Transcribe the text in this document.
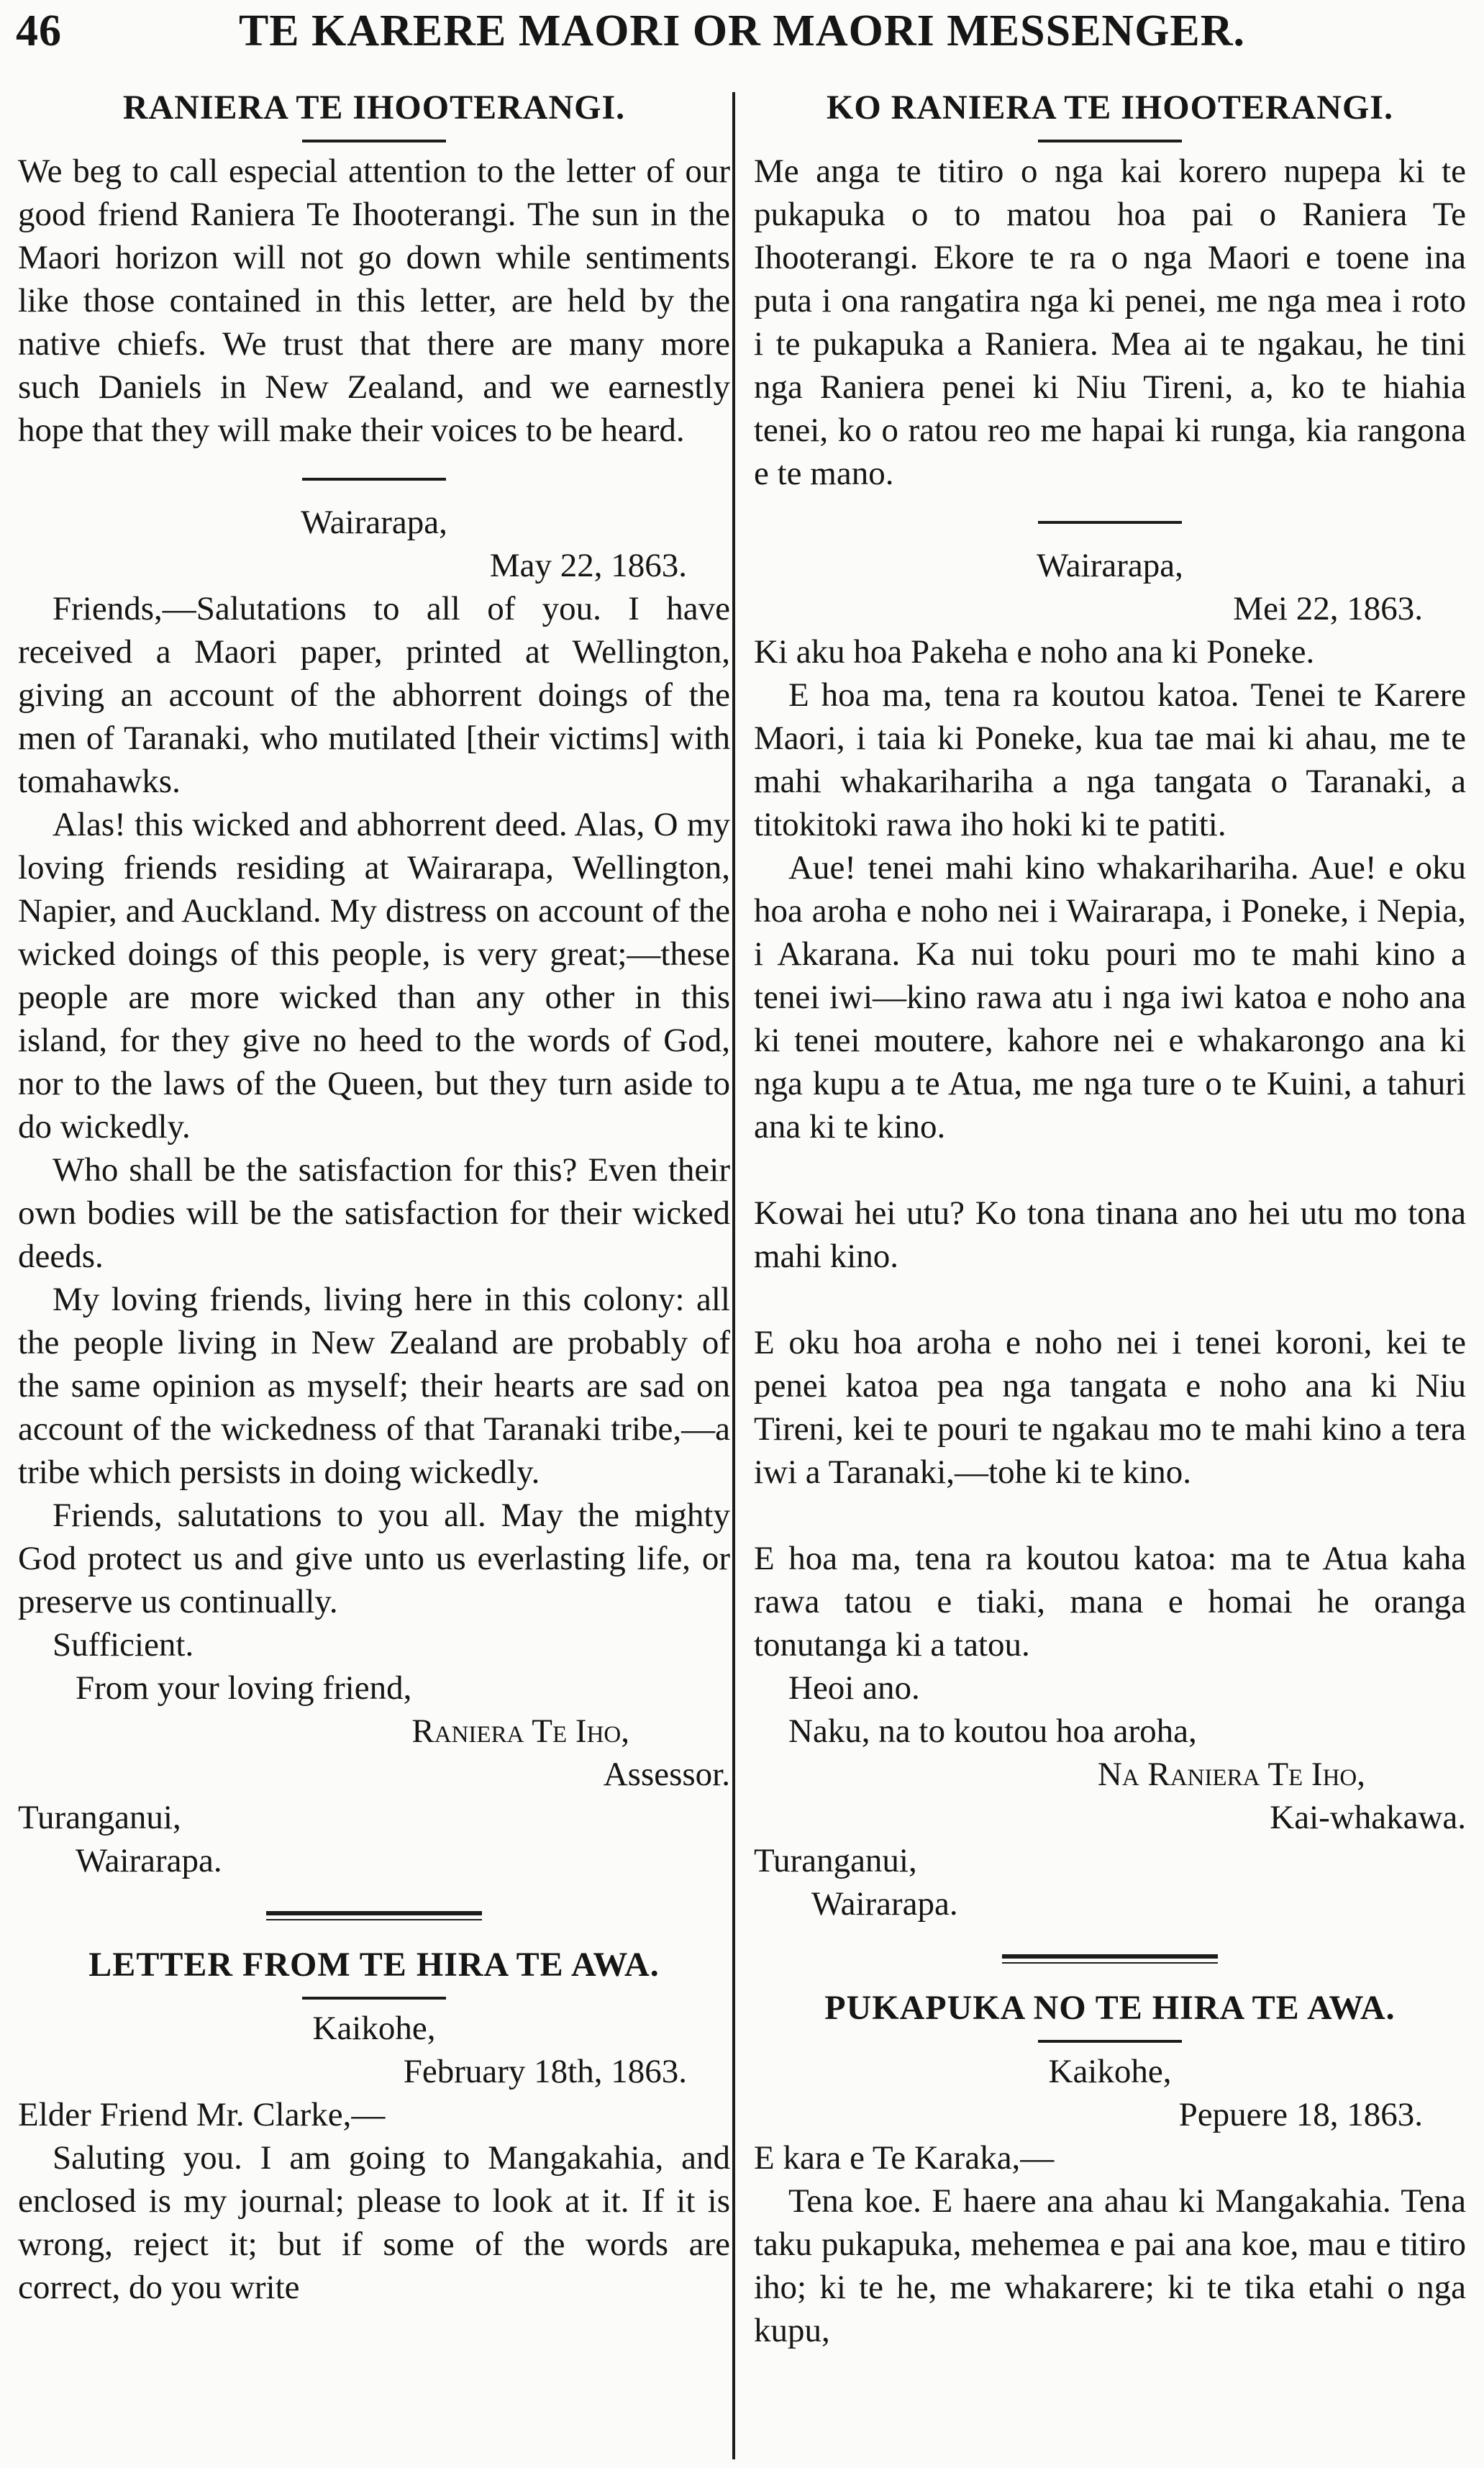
46	TE KARERE MAORI OR MAORI MESSENGER.
RANIERA TE IHOOTERANGI.

We beg to call especial attention to the letter of our good friend Raniera Te Ihooterangi. The sun in the Maori horizon will not go down while sentiments like those contained in this letter, are held by the native chiefs. We trust that there are many more such Daniels in New Zealand, and we earnestly hope that they will make their voices to be heard.

Wairarapa,
May 22, 1863.

Friends,—Salutations to all of you. I have received a Maori paper, printed at Wellington, giving an account of the abhorrent doings of the men of Taranaki, who mutilated [their victims] with tomahawks.

Alas! this wicked and abhorrent deed. Alas, O my loving friends residing at Wairarapa, Wellington, Napier, and Auckland. My distress on account of the wicked doings of this people, is very great;—these people are more wicked than any other in this island, for they give no heed to the words of God, nor to the laws of the Queen, but they turn aside to do wickedly.

Who shall be the satisfaction for this? Even their own bodies will be the satisfaction for their wicked deeds.

My loving friends, living here in this colony: all the people living in New Zealand are probably of the same opinion as myself; their hearts are sad on account of the wickedness of that Taranaki tribe,—a tribe which persists in doing wickedly.

Friends, salutations to you all. May the mighty God protect us and give unto us everlasting life, or preserve us continually.

Sufficient.

From your loving friend,

Raniera Te Iho,
Assessor.
Turanganui,
Wairarapa.
LETTER FROM TE HIRA TE AWA.
Kaikohe,
February 18th, 1863.
Elder Friend Mr. Clarke,—

Saluting you. I am going to Mangakahia, and enclosed is my journal; please to look at it. If it is wrong, reject it; but if some of the words are correct, do you write

KO RANIERA TE IHOOTERANGI.

Me anga te titiro o nga kai korero nupepa ki te pukapuka o to matou hoa pai o Raniera Te Ihooterangi. Ekore te ra o nga Maori e toene ina puta i ona rangatira nga ki penei, me nga mea i roto i te pukapuka a Raniera. Mea ai te ngakau, he tini nga Raniera penei ki Niu Tireni, a, ko te hiahia tenei, ko o ratou reo me hapai ki runga, kia rangona e te mano.

Wairarapa,
Mei 22, 1863.
Ki aku hoa Pakeha e noho ana ki Poneke.

E hoa ma, tena ra koutou katoa. Tenei te Karere Maori, i taia ki Poneke, kua tae mai ki ahau, me te mahi whakarihariha a nga tangata o Taranaki, a titokitoki rawa iho hoki ki te patiti.

Aue! tenei mahi kino whakarihariha. Aue! e oku hoa aroha e noho nei i Wairarapa, i Poneke, i Nepia, i Akarana. Ka nui toku pouri mo te mahi kino a tenei iwi—kino rawa atu i nga iwi katoa e noho ana ki tenei moutere, kahore nei e whakarongo ana ki nga kupu a te Atua, me nga ture o te Kuini, a tahuri ana ki te kino.

Kowai hei utu? Ko tona tinana ano hei utu mo tona mahi kino.

E oku hoa aroha e noho nei i tenei koroni, kei te penei katoa pea nga tangata e noho ana ki Niu Tireni, kei te pouri te ngakau mo te mahi kino a tera iwi a Taranaki,—tohe ki te kino.

E hoa ma, tena ra koutou katoa: ma te Atua kaha rawa tatou e tiaki, mana e homai he oranga tonutanga ki a tatou.

Heoi ano.

Naku, na to koutou hoa aroha,

Na Raniera Te Iho,
Kai-whakawa.
Turanganui,
Wairarapa.
PUKAPUKA NO TE HIRA TE AWA.
Kaikohe,
Pepuere 18, 1863.
E kara e Te Karaka,—

Tena koe. E haere ana ahau ki Mangakahia. Tena taku pukapuka, mehemea e pai ana koe, mau e titiro iho; ki te he, me whakarere; ki te tika etahi o nga kupu,
